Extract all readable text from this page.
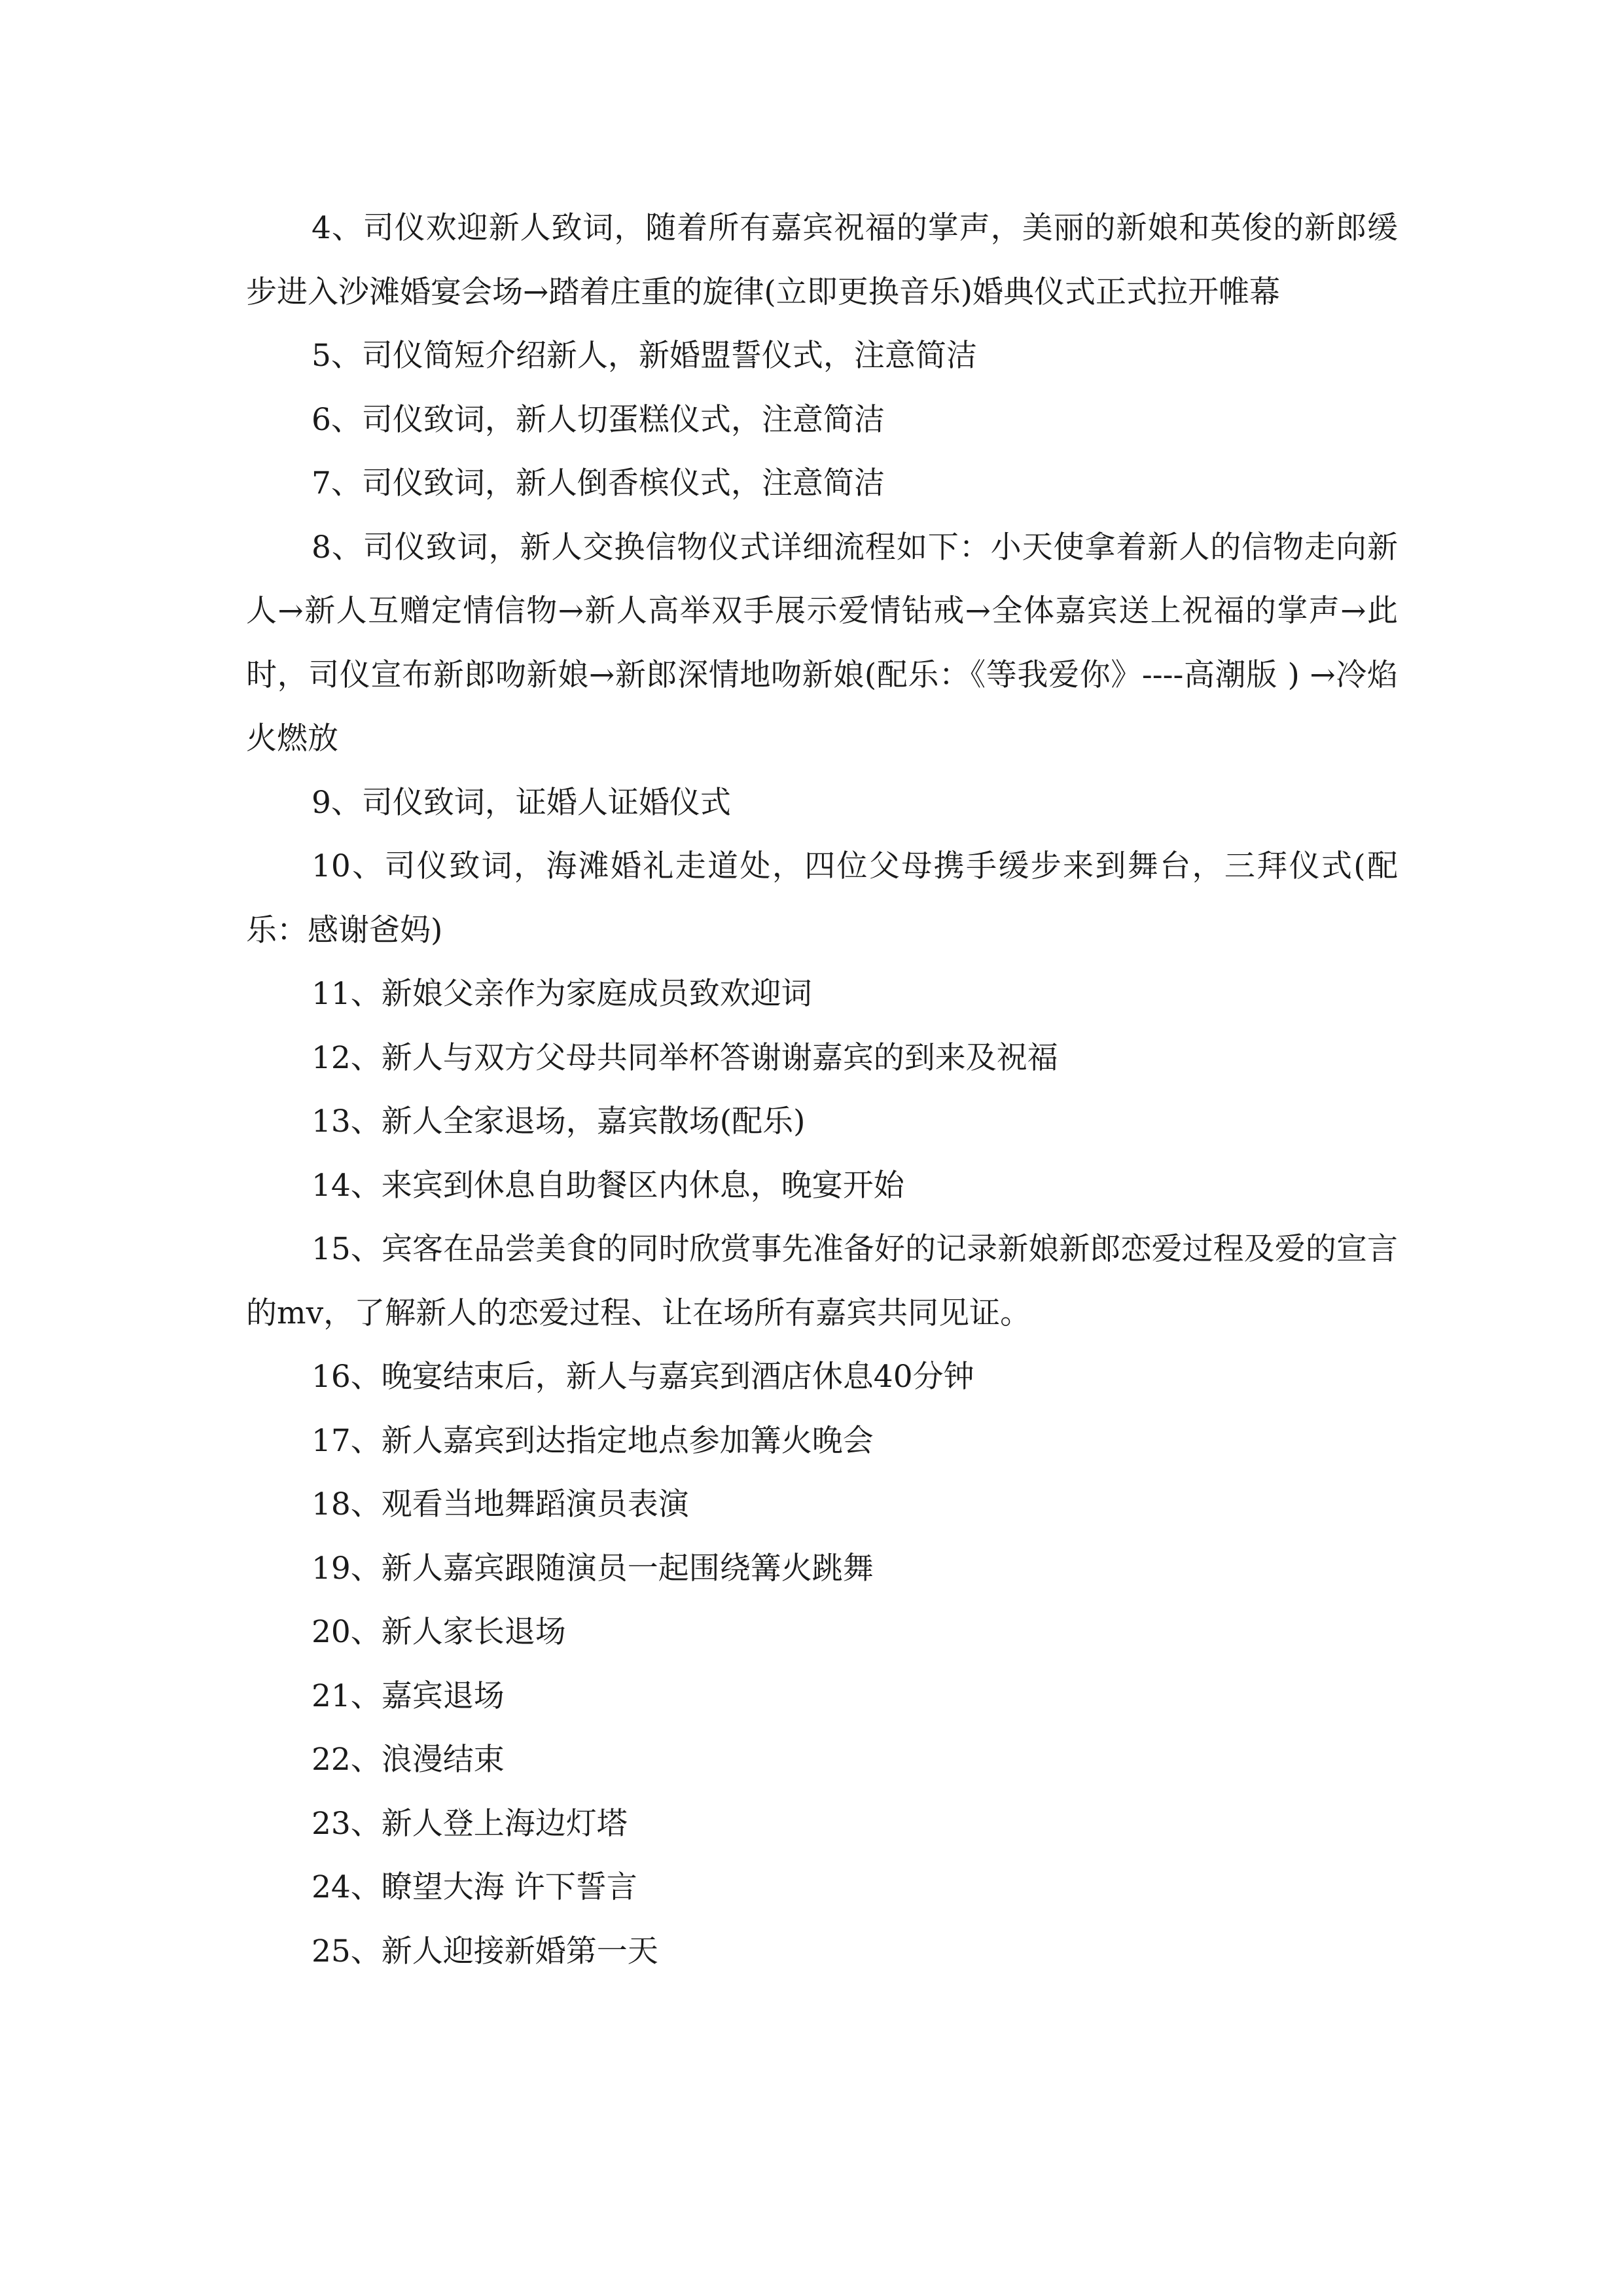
4、司仪欢迎新人致词，随着所有嘉宾祝福的掌声，美丽的新娘和英俊的新郎缓步进入沙滩婚宴会场→踏着庄重的旋律(立即更换音乐)婚典仪式正式拉开帷幕

5、司仪简短介绍新人，新婚盟誓仪式，注意简洁

6、司仪致词，新人切蛋糕仪式，注意简洁

7、司仪致词，新人倒香槟仪式，注意简洁

8、司仪致词，新人交换信物仪式详细流程如下：小天使拿着新人的信物走向新人→新人互赠定情信物→新人高举双手展示爱情钻戒→全体嘉宾送上祝福的掌声→此时，司仪宣布新郎吻新娘→新郎深情地吻新娘(配乐：《等我爱你》----高潮版 ) →冷焰火燃放

9、司仪致词，证婚人证婚仪式

10、司仪致词，海滩婚礼走道处，四位父母携手缓步来到舞台，三拜仪式(配乐：感谢爸妈)

11、新娘父亲作为家庭成员致欢迎词

12、新人与双方父母共同举杯答谢谢嘉宾的到来及祝福

13、新人全家退场，嘉宾散场(配乐)

14、来宾到休息自助餐区内休息，晚宴开始

15、宾客在品尝美食的同时欣赏事先准备好的记录新娘新郎恋爱过程及爱的宣言的mv，了解新人的恋爱过程、让在场所有嘉宾共同见证。

16、晚宴结束后，新人与嘉宾到酒店休息40分钟

17、新人嘉宾到达指定地点参加篝火晚会

18、观看当地舞蹈演员表演

19、新人嘉宾跟随演员一起围绕篝火跳舞

20、新人家长退场

21、嘉宾退场

22、浪漫结束

23、新人登上海边灯塔

24、瞭望大海 许下誓言

25、新人迎接新婚第一天
